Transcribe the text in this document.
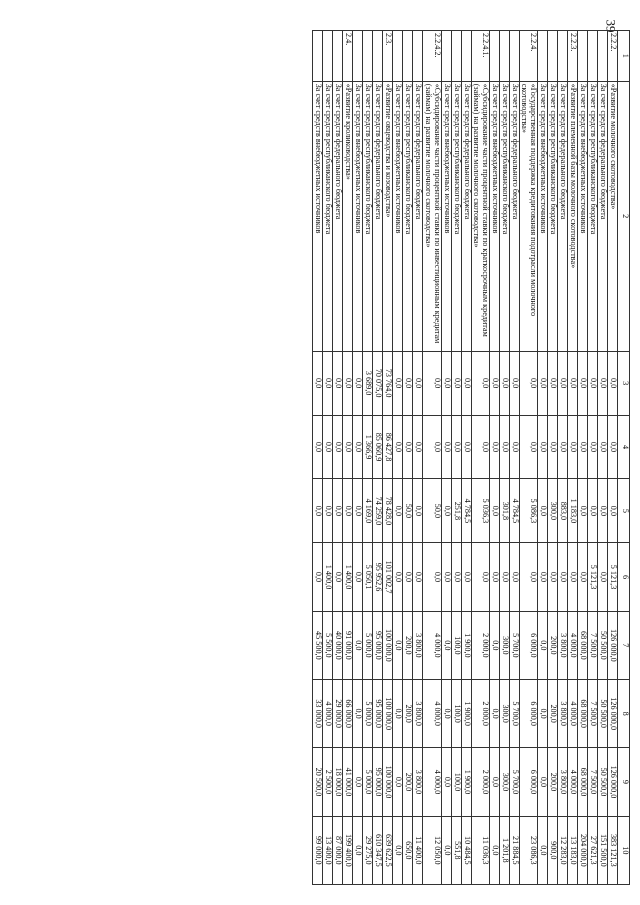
39
1	2	3	4	5	6	7	8	9	10
2.2.2.	«Развитие молочного скотоводства»	0,0	0,0	0,0	5 121,3	126 000,0	126 000,0	126 000,0	383 121,3
	За счет средств федерального бюджета	0,0	0,0	0,0	0,0	50 500,0	50 500,0	50 500,0	151 500,0
	За счет средств республиканского бюджета	0,0	0,0	0,0	5 121,3	7 500,0	7 500,0	7 500,0	27 621,3
	За счет средств внебюджетных источников	0,0	0,0	0,0	0,0	68 000,0	68 000,0	68 000,0	204 000,0
2.2.3.	«Развитие племенной базы молочного скотоводства»	0,0	0,0	1 183,0	0,0	4 000,0	4 000,0	4 000,0	13 183,0
	За счет средств федерального бюджета	0,0	0,0	883,0	0,0	3 800,0	3 800,0	3 800,0	12 283,0
	За счет средств республиканского бюджета	0,0	0,0	300,0	0,0	200,0	200,0	200,0	900,0
	За счет средств внебюджетных источников	0,0	0,0	0,0	0,0	0,0	0,0	0,0	0,0
2.2.4.	«Государственная поддержка кредитования подотрасли молочного скотоводства»	0,0	0,0	5 086,3	0,0	6 000,0	6 000,0	6 000,0	23 086,3
	За счет средств федерального бюджета	0,0	0,0	4 784,5	0,0	5 700,0	5 700,0	5 700,0	21 884,5
	За счет средств республиканского бюджета	0,0	0,0	301,8	0,0	300,0	300,0	300,0	1 201,8
	За счет средств внебюджетных источников	0,0	0,0	0,0	0,0	0,0	0,0	0,0	0,0
2.2.4.1.	«Субсидирование части процентной ставки по краткосрочным кредитам (займам) на развитие молочного скотоводства»	0,0	0,0	5 036,3	0,0	2 000,0	2 000,0	2 000,0	11 036,3
	За счет средств федерального бюджета	0,0	0,0	4 784,5	0,0	1 900,0	1 900,0	1 900,0	10 484,5
	За счет средств республиканского бюджета	0,0	0,0	251,8	0,0	100,0	100,0	100,0	551,8
	За счет средств внебюджетных источников	0,0	0,0	0,0	0,0	0,0	0,0	0,0	0,0
2.2.4.2.	«Субсидирование части процентной ставки по инвестиционным кредитам (займам) на развитие молочного скотоводства»	0,0	0,0	50,0	0,0	4 000,0	4 000,0	4 000,0	12 050,0
	За счет средств федерального бюджета	0,0	0,0	0,0	0,0	3 800,0	3 800,0	3 800,0	11 400,0
	За счет средств республиканского бюджета	0,0	0,0	50,0	0,0	200,0	200,0	200,0	650,0
	За счет средств внебюджетных источников	0,0	0,0	0,0	0,0	0,0	0,0	0,0	0,0
2.3.	«Развитие овцеводства и козоводства»	73 764,0	86 427,8	78 428,0	101 002,7	100 000,0	100 000,0	100 000,0	639 622,5
	За счет средств федерального бюджета	70 075,0	85 060,9	74 259,0	95 952,6	95 000,0	95 000,0	95 000,0	610 347,5
	За счет средств республиканского бюджета	3 689,0	1 366,9	4 169,0	5 050,1	5 000,0	5 000,0	5 000,0	29 275,0
	За счет средств внебюджетных источников	0,0	0,0	0,0	0,0	0,0	0,0	0,0	0,0
2.4.	«Развитие кролиководства»	0,0	0,0	0,0	1 400,0	91 000,0	66 000,0	41 000,0	199 400,0
	За счет средств федерального бюджета	0,0	0,0	0,0	0,0	40 000,0	29 000,0	18 000,0	87 000,0
	За счет средств республиканского бюджета	0,0	0,0	0,0	1 400,0	5 500,0	4 000,0	2 500,0	13 400,0
	За счет средств внебюджетных источников	0,0	0,0	0,0	0,0	45 500,0	33 000,0	20 500,0	99 000,0
